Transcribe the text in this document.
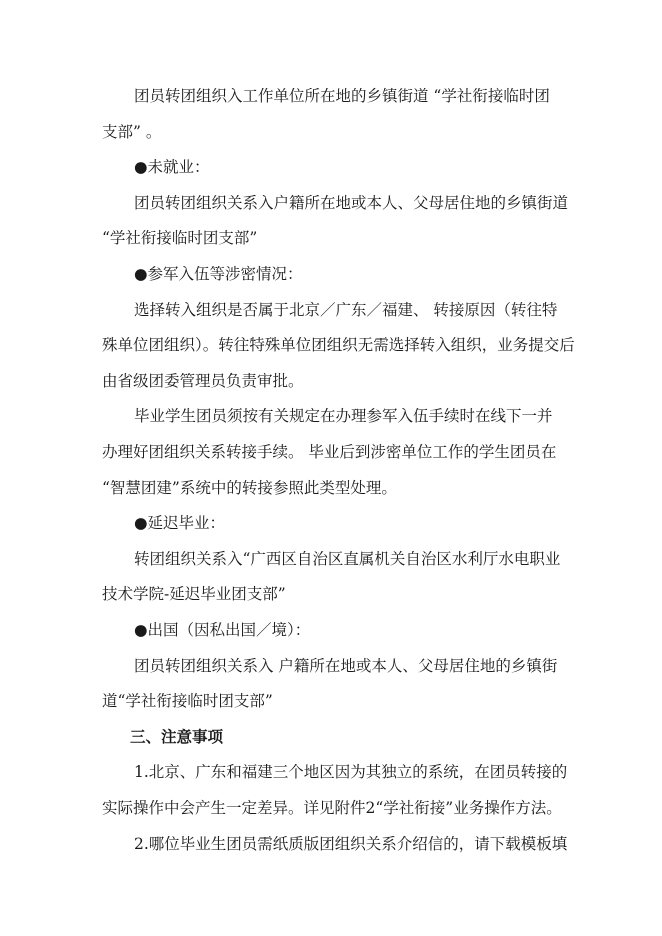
团员转团组织入工作单位所在地的乡镇街道 “学社衔接临时团
支部” 。
●未就业：
团员转团组织关系入户籍所在地或本人、父母居住地的乡镇街道
“学社衔接临时团支部”
●参军入伍等涉密情况：
选择转入组织是否属于北京／广东／福建、 转接原因（转往特
殊单位团组织）。转往特殊单位团组织无需选择转入组织，业务提交后
由省级团委管理员负责审批。
毕业学生团员须按有关规定在办理参军入伍手续时在线下一并
办理好团组织关系转接手续。 毕业后到涉密单位工作的学生团员在
“智慧团建”系统中的转接参照此类型处理。
●延迟毕业：
转团组织关系入“广西区自治区直属机关自治区水利厅水电职业
技术学院-延迟毕业团支部”
●出国（因私出国／境）：
团员转团组织关系入 户籍所在地或本人、父母居住地的乡镇街
道“学社衔接临时团支部”
三、注意事项
1.北京、广东和福建三个地区因为其独立的系统，在团员转接的
实际操作中会产生一定差异。详见附件2“学社衔接”业务操作方法。
2.哪位毕业生团员需纸质版团组织关系介绍信的，请下载模板填
